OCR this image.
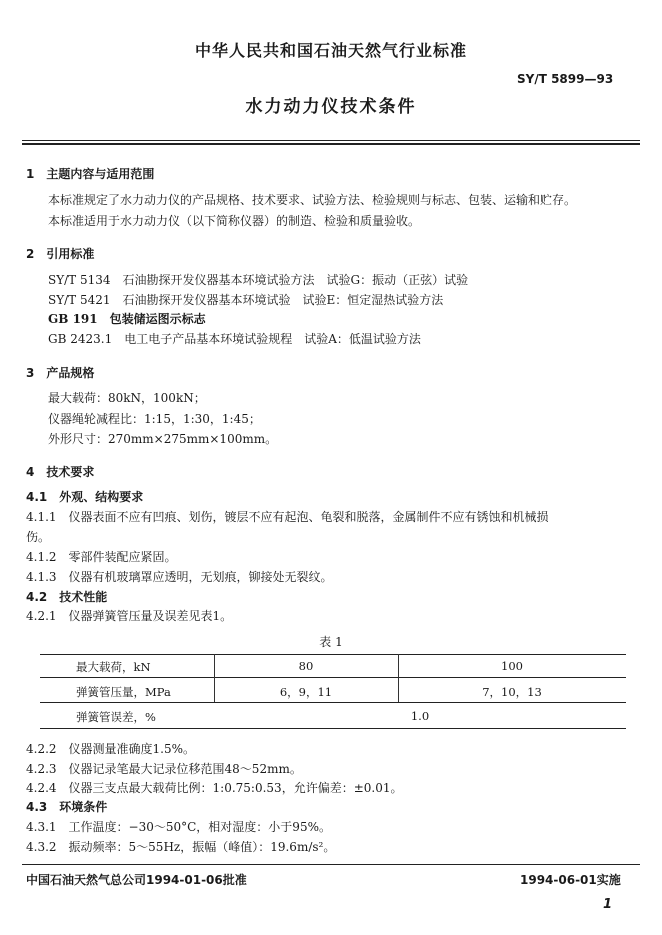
中华人民共和国石油天然气行业标准
SY/T 5899—93
水力动力仪技术条件
1　主题内容与适用范围
本标准规定了水力动力仪的产品规格、技术要求、试验方法、检验规则与标志、包装、运输和贮存。
本标准适用于水力动力仪（以下简称仪器）的制造、检验和质量验收。
2　引用标准
SY/T 5134　石油勘探开发仪器基本环境试验方法　试验G：振动（正弦）试验
SY/T 5421　石油勘探开发仪器基本环境试验　试验E：恒定湿热试验方法
GB 191　包装储运图示标志
GB 2423.1　电工电子产品基本环境试验规程　试验A：低温试验方法
3　产品规格
最大载荷：80kN，100kN；
仪器绳轮减程比：1:15，1:30，1:45；
外形尺寸：270mm×275mm×100mm。
4　技术要求
4.1　外观、结构要求
4.1.1　仪器表面不应有凹痕、划伤，镀层不应有起泡、龟裂和脱落，金属制件不应有锈蚀和机械损
伤。
4.1.2　零部件装配应紧固。
4.1.3　仪器有机玻璃罩应透明，无划痕，铆接处无裂纹。
4.2　技术性能
4.2.1　仪器弹簧管压量及误差见表1。
表 1
最大载荷，kN	80	100
弹簧管压量，MPa	6，9，11	7，10，13
弹簧管误差，%	1.0
4.2.2　仪器测量准确度1.5%。
4.2.3　仪器记录笔最大记录位移范围48～52mm。
4.2.4　仪器三支点最大载荷比例：1:0.75:0.53，允许偏差：±0.01。
4.3　环境条件
4.3.1　工作温度：−30～50°C，相对湿度：小于95%。
4.3.2　振动频率：5～55Hz，振幅（峰值）：19.6m/s²。
中国石油天然气总公司1994-01-06批准	1994-06-01实施
1
